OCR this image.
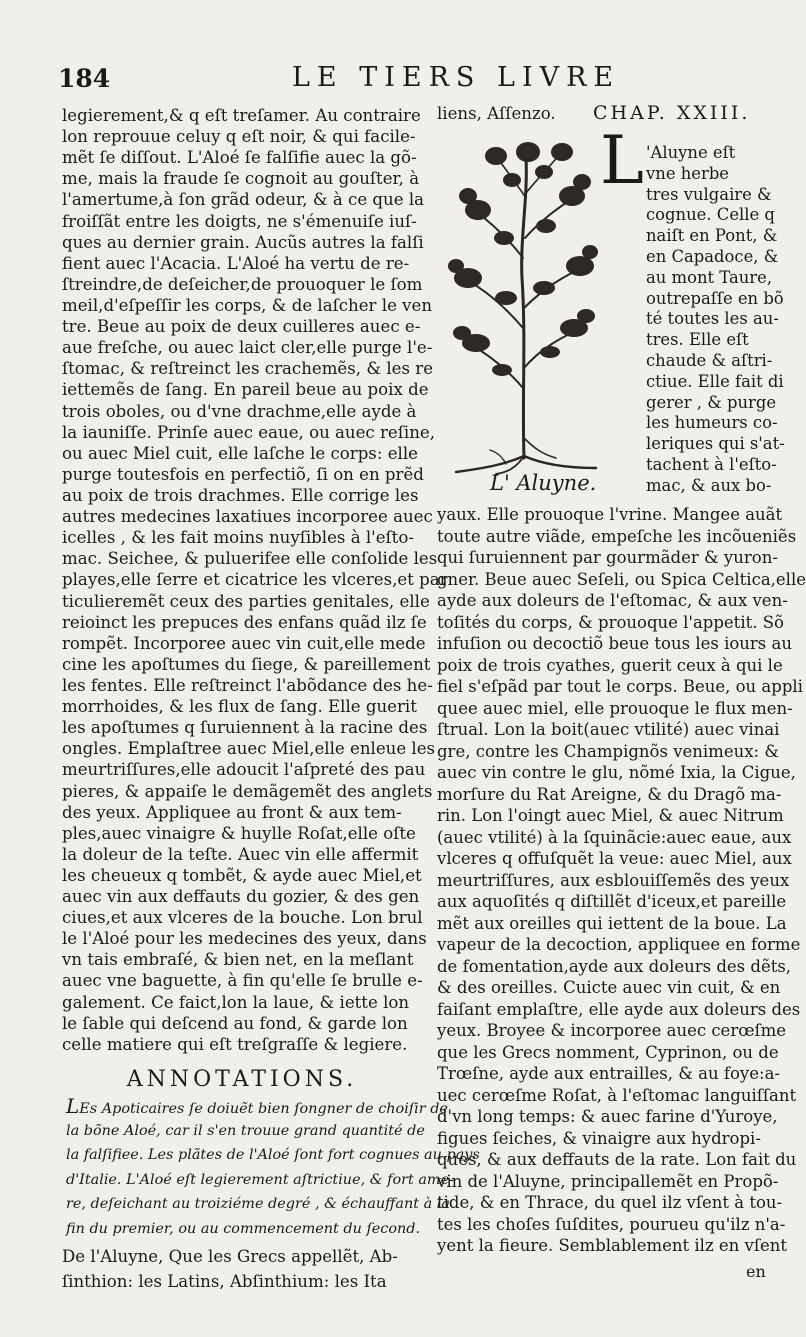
184	LE TIERS LIVRE
legierement,& q eſt treſamer. Au contraire
lon reprouue celuy q eſt noir, & qui facile-
mẽt ſe diſſout. L'Aloé ſe falſifie auec la gõ-
me, mais la fraude ſe cognoit au gouſter, à
l'amertume,à ſon grãd odeur, & à ce que la
froiſſãt entre les doigts, ne s'émenuiſe iuſ-
ques au dernier grain. Aucũs autres la falſi
fient auec l'Acacia. L'Aloé ha vertu de re-
ſtreindre,de deſeicher,de prouoquer le ſom
meil,d'eſpeſſir les corps, & de laſcher le ven
tre. Beue au poix de deux cuilleres auec e-
aue freſche, ou auec laict cler,elle purge l'e-
ſtomac, & reſtreinct les crachemẽs, & les re
iettemẽs de ſang. En pareil beue au poix de
trois oboles, ou d'vne drachme,elle ayde à
la iauniſſe. Prinſe auec eaue, ou auec reſine,
ou auec Miel cuit, elle laſche le corps: elle
purge toutesfois en perfectiõ, ſi on en prẽd
au poix de trois drachmes. Elle corrige les
autres medecines laxatiues incorporee auec
icelles , & les fait moins nuyſibles à l'eſto-
mac. Seichee, & puluerifee elle conſolide les
playes,elle ſerre et cicatrice les vlceres,et par
ticulieremẽt ceux des parties genitales, elle
reioinct les prepuces des enfans quãd ilz ſe
rompẽt. Incorporee auec vin cuit,elle mede
cine les apoſtumes du ſiege, & pareillement
les fentes. Elle reſtreinct l'abõdance des he-
morrhoides, & les flux de ſang. Elle guerit
les apoſtumes q ſuruiennent à la racine des
ongles. Emplaſtree auec Miel,elle enleue les
meurtriſſures,elle adoucit l'aſpreté des pau
pieres, & appaiſe le demãgemẽt des anglets
des yeux. Appliquee au front & aux tem-
ples,auec vinaigre & huylle Roſat,elle oſte
la doleur de la teſte. Auec vin elle affermit
les cheueux q tombẽt, & ayde auec Miel,et
auec vin aux deffauts du gozier, & des gen
ciues,et aux vlceres de la bouche. Lon brul
le l'Aloé pour les medecines des yeux, dans
vn tais embraſé, & bien net, en la meſlant
auec vne baguette, à fin qu'elle ſe brulle e-
galement. Ce faict,lon la laue, & iette lon
le ſable qui deſcend au fond, & garde lon
celle matiere qui eſt treſgraſſe & legiere.
ANNOTATIONS.
LEs Apoticaires ſe doiuẽt bien ſongner de choiſir de
la bõne Aloé, car il s'en trouue grand quantité de
la falſifiee. Les plãtes de l'Aloé ſont fort cognues au pays
d'Italie. L'Aloé eſt legierement aſtrictiue, & fort ame-
re, deſeichant au troiziéme degré , & échauffant à la
fin du premier, ou au commencement du ſecond.
De l'Aluyne, Que les Grecs appellẽt, Ab-
ſinthion: les Latins, Abſinthium: les Ita
liens, Aſſenzo. CHAP. XXIII.
L' Aluyne.
L 'Aluyne eſt
vne herbe
tres vulgaire &
cognue. Celle q
naiſt en Pont, &
en Capadoce, &
au mont Taure,
outrepaſſe en bõ
té toutes les au-
tres. Elle eſt
chaude & aſtri-
ctiue. Elle fait di
gerer , & purge
les humeurs co-
leriques qui s'at-
tachent à l'eſto-
mac, & aux bo-
yaux. Elle prouoque l'vrine. Mangee auãt
toute autre viãde, empeſche les incõueniẽs
qui ſuruiennent par gourmãder & yuron-
gner. Beue auec Seſeli, ou Spica Celtica,elle
ayde aux doleurs de l'eſtomac, & aux ven-
toſités du corps, & prouoque l'appetit. Sõ
infuſion ou decoctiõ beue tous les iours au
poix de trois cyathes, guerit ceux à qui le
fiel s'eſpãd par tout le corps. Beue, ou appli
quee auec miel, elle prouoque le flux men-
ſtrual. Lon la boit(auec vtilité) auec vinai
gre, contre les Champignõs venimeux: &
auec vin contre le glu, nõmé Ixia, la Cigue,
morſure du Rat Areigne, & du Dragõ ma-
rin. Lon l'oingt auec Miel, & auec Nitrum
(auec vtilité) à la ſquinãcie:auec eaue, aux
vlceres q offuſquẽt la veue: auec Miel, aux
meurtriſſures, aux esblouiſſemẽs des yeux
aux aquoſités q diſtillẽt d'iceux,et pareille
mẽt aux oreilles qui iettent de la boue. La
vapeur de la decoction, appliquee en forme
de fomentation,ayde aux doleurs des dẽts,
& des oreilles. Cuicte auec vin cuit, & en
faiſant emplaſtre, elle ayde aux doleurs des
yeux. Broyee & incorporee auec cerœſme
que les Grecs nomment, Cyprinon, ou de
Trœſne, ayde aux entrailles, & au foye:a-
uec cerœſme Roſat, à l'eſtomac languiſſant
d'vn long temps: & auec farine d'Yuroye,
figues ſeiches, & vinaigre aux hydropi-
ques, & aux deffauts de la rate. Lon fait du
vin de l'Aluyne, principallemẽt en Propõ-
tide, & en Thrace, du quel ilz vſent à tou-
tes les choſes ſuſdites, pourueu qu'ilz n'a-
yent la fieure. Semblablement ilz en vſent
en
